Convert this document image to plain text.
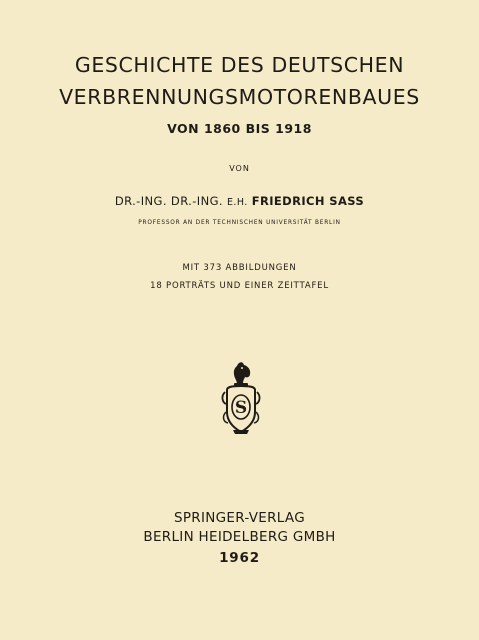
GESCHICHTE DES DEUTSCHEN
VERBRENNUNGSMOTORENBAUES
VON 1860 BIS 1918
VON
DR.-ING. DR.-ING. E.H. FRIEDRICH SASS
PROFESSOR AN DER TECHNISCHEN UNIVERSITÄT BERLIN
MIT 373 ABBILDUNGEN
18 PORTRÄTS UND EINER ZEITTAFEL
S
SPRINGER-VERLAG
BERLIN HEIDELBERG GMBH
1962
